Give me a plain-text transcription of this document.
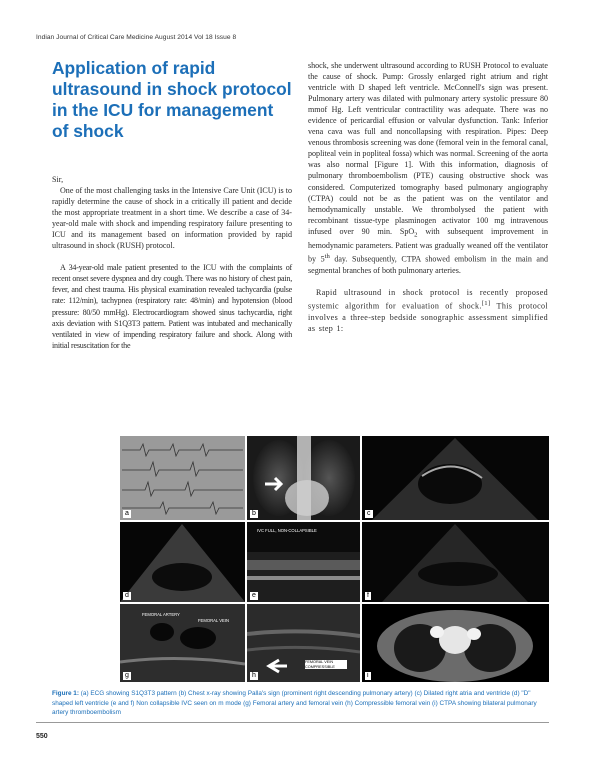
Indian Journal of Critical Care Medicine August 2014 Vol 18 Issue 8
Application of rapid ultrasound in shock protocol in the ICU for management of shock

Sir,

One of the most challenging tasks in the Intensive Care Unit (ICU) is to rapidly determine the cause of shock in a critically ill patient and decide the most appropriate treatment in a short time. We describe a case of 34-year-old male with shock and impending respiratory failure presenting to ICU and its management based on information provided by rapid ultrasound in shock (RUSH) protocol.

A 34-year-old male patient presented to the ICU with the complaints of recent onset severe dyspnea and dry cough. There was no history of chest pain, fever, and chest trauma. His physical examination revealed tachycardia (pulse rate: 112/min), tachypnea (respiratory rate: 48/min) and hypotension (blood pressure: 80/50 mmHg). Electrocardiogram showed sinus tachycardia, right axis deviation with S1Q3T3 pattern. Patient was intubated and mechanically ventilated in view of impending respiratory failure and shock. Along with initial resuscitation for the

shock, she underwent ultrasound according to RUSH Protocol to evaluate the cause of shock. Pump: Grossly enlarged right atrium and right ventricle with D shaped left ventricle. McConnell's sign was present. Pulmonary artery was dilated with pulmonary artery systolic pressure 80 mmof Hg. Left ventricular contractility was adequate. There was no evidence of pericardial effusion or valvular dysfunction. Tank: Inferior vena cava was full and noncollapsing with respiration. Pipes: Deep venous thrombosis screening was done (femoral vein in the femoral canal, popliteal vein in popliteal fossa) which was normal. Screening of the aorta was also normal [Figure 1]. With this information, diagnosis of pulmonary thromboembolism (PTE) causing obstructive shock was considered. Computerized tomography based pulmonary angiography (CTPA) could not be as the patient was on the ventilator and hemodynamically unstable. We thrombolysed the patient with recombinant tissue-type plasminogen activator 100 mg intravenous infused over 90 min. SpO$_2$ with subsequent improvement in hemodynamic parameters. Patient was gradually weaned off the ventilator by 5th day. Subsequently, CTPA showed embolism in the main and segmental branches of both pulmonary arteries.

Rapid ultrasound in shock protocol is recently proposed systemic algorithm for evaluation of shock.[1] This protocol involves a three-step bedside sonographic assessment simplified as step 1:

a	b	c
d
IVC FULL, NON-COLLAPSIBLE
e	f
FEMORAL ARTERY
FEMORAL VEIN
g
FEMORAL VEIN COMPRESSIBLE
h	i
Figure 1: (a) ECG showing S1Q3T3 pattern (b) Chest x-ray showing Palla's sign (prominent right descending pulmonary artery) (c) Dilated right atria and ventricle (d) "D" shaped left ventricle (e and f) Non collapsible IVC seen on m mode (g) Femoral artery and femoral vein (h) Compressible femoral vein (i) CTPA showing bilateral pulmonary artery thromboembolism
550
